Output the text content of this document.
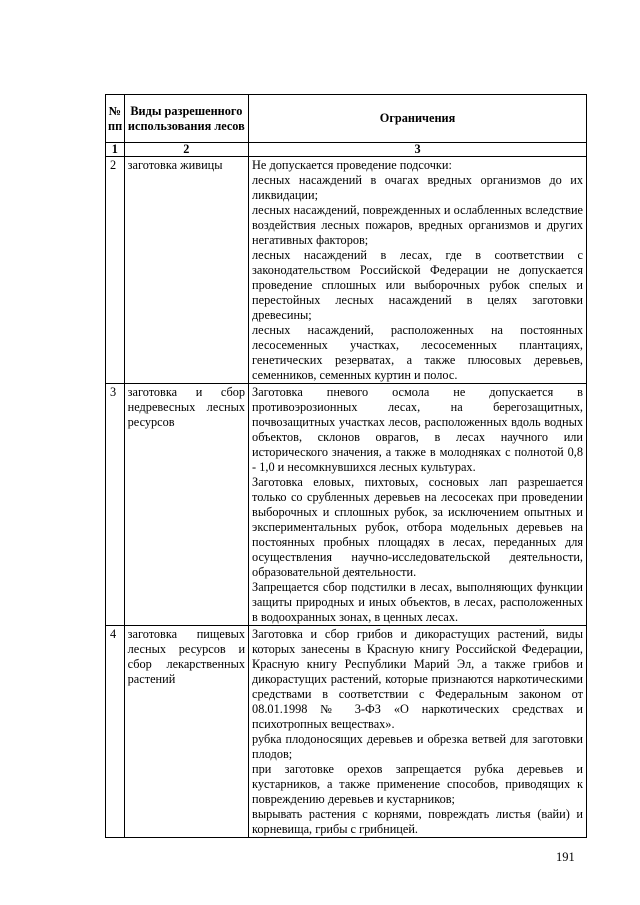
№ пп	Виды разрешенного использования лесов	Ограничения
1	2	3
2	заготовка живицы	Не допускается проведение подсочки:
лесных насаждений в очагах вредных организмов до их ликвидации;
лесных насаждений, поврежденных и ослабленных вследствие воздействия лесных пожаров, вредных организмов и других негативных факторов;
лесных насаждений в лесах, где в соответствии с законодательством Российской Федерации не допускается проведение сплошных или выборочных рубок спелых и перестойных лесных насаждений в целях заготовки древесины;
лесных насаждений, расположенных на постоянных лесосеменных участках, лесосеменных плантациях, генетических резерватах, а также плюсовых деревьев, семенников, семенных куртин и полос.

3	заготовка и сбор недревесных лесных ресурсов	Заготовка пневого осмола не допускается в противоэрозионных лесах, на берегозащитных, почвозащитных участках лесов, расположенных вдоль водных объектов, склонов оврагов, в лесах научного или исторического значения, а также в молодняках с полнотой 0,8 - 1,0 и несомкнувшихся лесных культурах.
Заготовка еловых, пихтовых, сосновых лап разрешается только со срубленных деревьев на лесосеках при проведении выборочных и сплошных рубок, за исключением опытных и экспериментальных рубок, отбора модельных деревьев на постоянных пробных площадях в лесах, переданных для осуществления научно-исследовательской деятельности, образовательной деятельности.
Запрещается сбор подстилки в лесах, выполняющих функции защиты природных и иных объектов, в лесах, расположенных в водоохранных зонах, в ценных лесах.

4	заготовка пищевых лесных ресурсов и сбор лекарственных растений	Заготовка и сбор грибов и дикорастущих растений, виды которых занесены в Красную книгу Российской Федерации, Красную книгу Республики Марий Эл, а также грибов и дикорастущих растений, которые признаются наркотическими средствами в соответствии с Федеральным законом от 08.01.1998 № 3-ФЗ «О наркотических средствах и психотропных веществах».
рубка плодоносящих деревьев и обрезка ветвей для заготовки плодов;
при заготовке орехов запрещается рубка деревьев и кустарников, а также применение способов, приводящих к повреждению деревьев и кустарников;
вырывать растения с корнями, повреждать листья (вайи) и корневища, грибы с грибницей.
191
